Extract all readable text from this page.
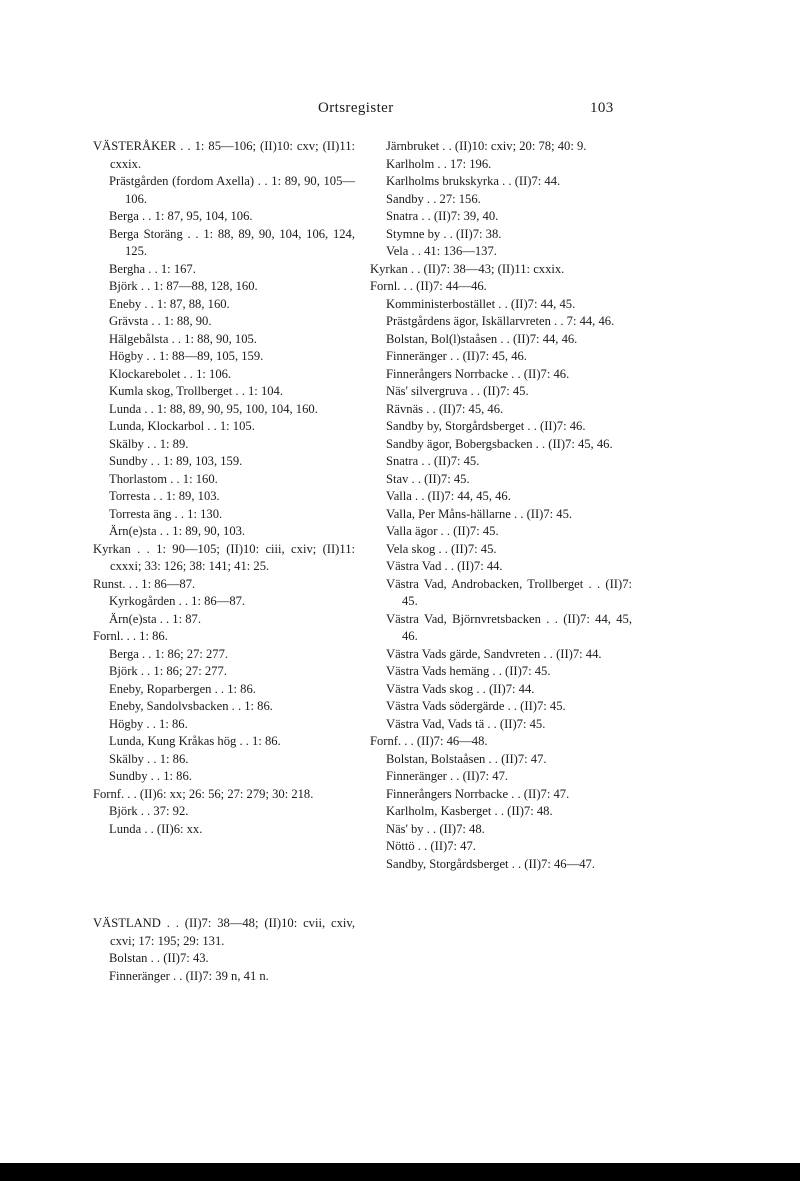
Ortsregister	103

VÄSTERÅKER . . 1: 85—106; (II)10: cxv; (II)11: cxxix.

Prästgården (fordom Axella) . . 1: 89, 90, 105—106.

Berga . . 1: 87, 95, 104, 106.

Berga Storäng . . 1: 88, 89, 90, 104, 106, 124, 125.

Bergha . . 1: 167.

Björk . . 1: 87—88, 128, 160.

Eneby . . 1: 87, 88, 160.

Grävsta . . 1: 88, 90.

Hälgebålsta . . 1: 88, 90, 105.

Högby . . 1: 88—89, 105, 159.

Klockarebolet . . 1: 106.

Kumla skog, Trollberget . . 1: 104.

Lunda . . 1: 88, 89, 90, 95, 100, 104, 160.

Lunda, Klockarbol . . 1: 105.

Skälby . . 1: 89.

Sundby . . 1: 89, 103, 159.

Thorlastom . . 1: 160.

Torresta . . 1: 89, 103.

Torresta äng . . 1: 130.

Ärn(e)sta . . 1: 89, 90, 103.

Kyrkan . . 1: 90—105; (II)10: ciii, cxiv; (II)11: cxxxi; 33: 126; 38: 141; 41: 25.

Runst. . . 1: 86—87.

Kyrkogården . . 1: 86—87.

Ärn(e)sta . . 1: 87.

Fornl. . . 1: 86.

Berga . . 1: 86; 27: 277.

Björk . . 1: 86; 27: 277.

Eneby, Roparbergen . . 1: 86.

Eneby, Sandolvsbacken . . 1: 86.

Högby . . 1: 86.

Lunda, Kung Kråkas hög . . 1: 86.

Skälby . . 1: 86.

Sundby . . 1: 86.

Fornf. . . (II)6: xx; 26: 56; 27: 279; 30: 218.

Björk . . 37: 92.

Lunda . . (II)6: xx.

VÄSTLAND . . (II)7: 38—48; (II)10: cvii, cxiv, cxvi; 17: 195; 29: 131.

Bolstan . . (II)7: 43.

Finneränger . . (II)7: 39 n, 41 n.

Järnbruket . . (II)10: cxiv; 20: 78; 40: 9.

Karlholm . . 17: 196.

Karlholms brukskyrka . . (II)7: 44.

Sandby . . 27: 156.

Snatra . . (II)7: 39, 40.

Stymne by . . (II)7: 38.

Vela . . 41: 136—137.

Kyrkan . . (II)7: 38—43; (II)11: cxxix.

Fornl. . . (II)7: 44—46.

Komministerbostället . . (II)7: 44, 45.

Prästgårdens ägor, Iskällarvreten . . 7: 44, 46.

Bolstan, Bol(l)staåsen . . (II)7: 44, 46.

Finneränger . . (II)7: 45, 46.

Finnerångers Norrbacke . . (II)7: 46.

Näs' silvergruva . . (II)7: 45.

Rävnäs . . (II)7: 45, 46.

Sandby by, Storgårdsberget . . (II)7: 46.

Sandby ägor, Bobergsbacken . . (II)7: 45, 46.

Snatra . . (II)7: 45.

Stav . . (II)7: 45.

Valla . . (II)7: 44, 45, 46.

Valla, Per Måns-hällarne . . (II)7: 45.

Valla ägor . . (II)7: 45.

Vela skog . . (II)7: 45.

Västra Vad . . (II)7: 44.

Västra Vad, Androbacken, Trollberget . . (II)7: 45.

Västra Vad, Björnvretsbacken . . (II)7: 44, 45, 46.

Västra Vads gärde, Sandvreten . . (II)7: 44.

Västra Vads hemäng . . (II)7: 45.

Västra Vads skog . . (II)7: 44.

Västra Vads södergärde . . (II)7: 45.

Västra Vad, Vads tä . . (II)7: 45.

Fornf. . . (II)7: 46—48.

Bolstan, Bolstaåsen . . (II)7: 47.

Finneränger . . (II)7: 47.

Finnerångers Norrbacke . . (II)7: 47.

Karlholm, Kasberget . . (II)7: 48.

Näs' by . . (II)7: 48.

Nöttö . . (II)7: 47.

Sandby, Storgårdsberget . . (II)7: 46—47.
